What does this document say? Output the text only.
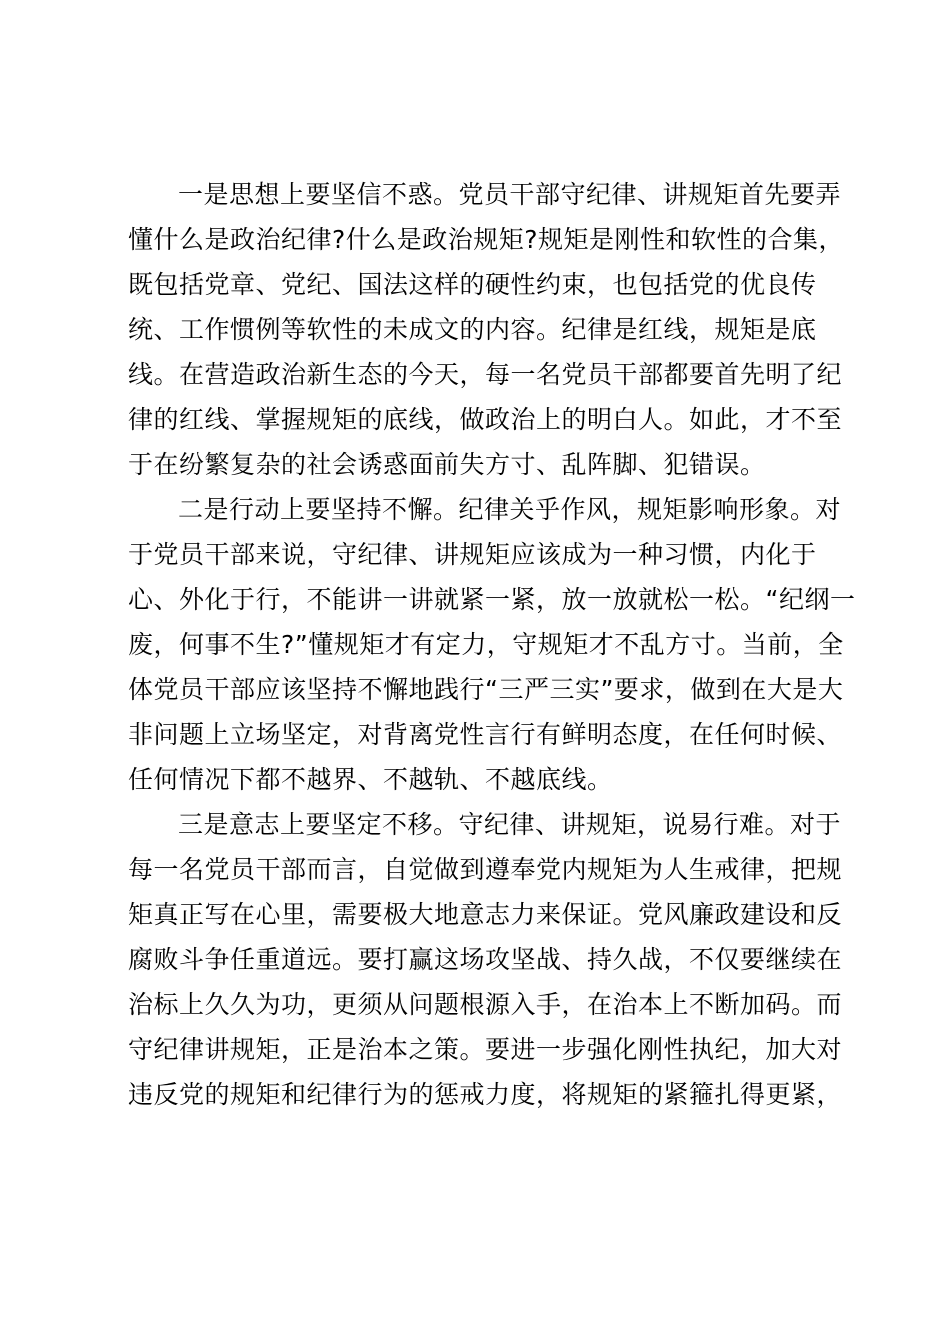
一是思想上要坚信不惑。党员干部守纪律、讲规矩首先要弄
懂什么是政治纪律?什么是政治规矩?规矩是刚性和软性的合集，
既包括党章、党纪、国法这样的硬性约束，也包括党的优良传
统、工作惯例等软性的未成文的内容。纪律是红线，规矩是底
线。在营造政治新生态的今天，每一名党员干部都要首先明了纪
律的红线、掌握规矩的底线，做政治上的明白人。如此，才不至
于在纷繁复杂的社会诱惑面前失方寸、乱阵脚、犯错误。

二是行动上要坚持不懈。纪律关乎作风，规矩影响形象。对
于党员干部来说，守纪律、讲规矩应该成为一种习惯，内化于
心、外化于行，不能讲一讲就紧一紧，放一放就松一松。“纪纲一
废，何事不生?”懂规矩才有定力，守规矩才不乱方寸。当前，全
体党员干部应该坚持不懈地践行“三严三实”要求，做到在大是大
非问题上立场坚定，对背离党性言行有鲜明态度，在任何时候、
任何情况下都不越界、不越轨、不越底线。

三是意志上要坚定不移。守纪律、讲规矩，说易行难。对于
每一名党员干部而言，自觉做到遵奉党内规矩为人生戒律，把规
矩真正写在心里，需要极大地意志力来保证。党风廉政建设和反
腐败斗争任重道远。要打赢这场攻坚战、持久战，不仅要继续在
治标上久久为功，更须从问题根源入手，在治本上不断加码。而
守纪律讲规矩，正是治本之策。要进一步强化刚性执纪，加大对
违反党的规矩和纪律行为的惩戒力度，将规矩的紧箍扎得更紧，
